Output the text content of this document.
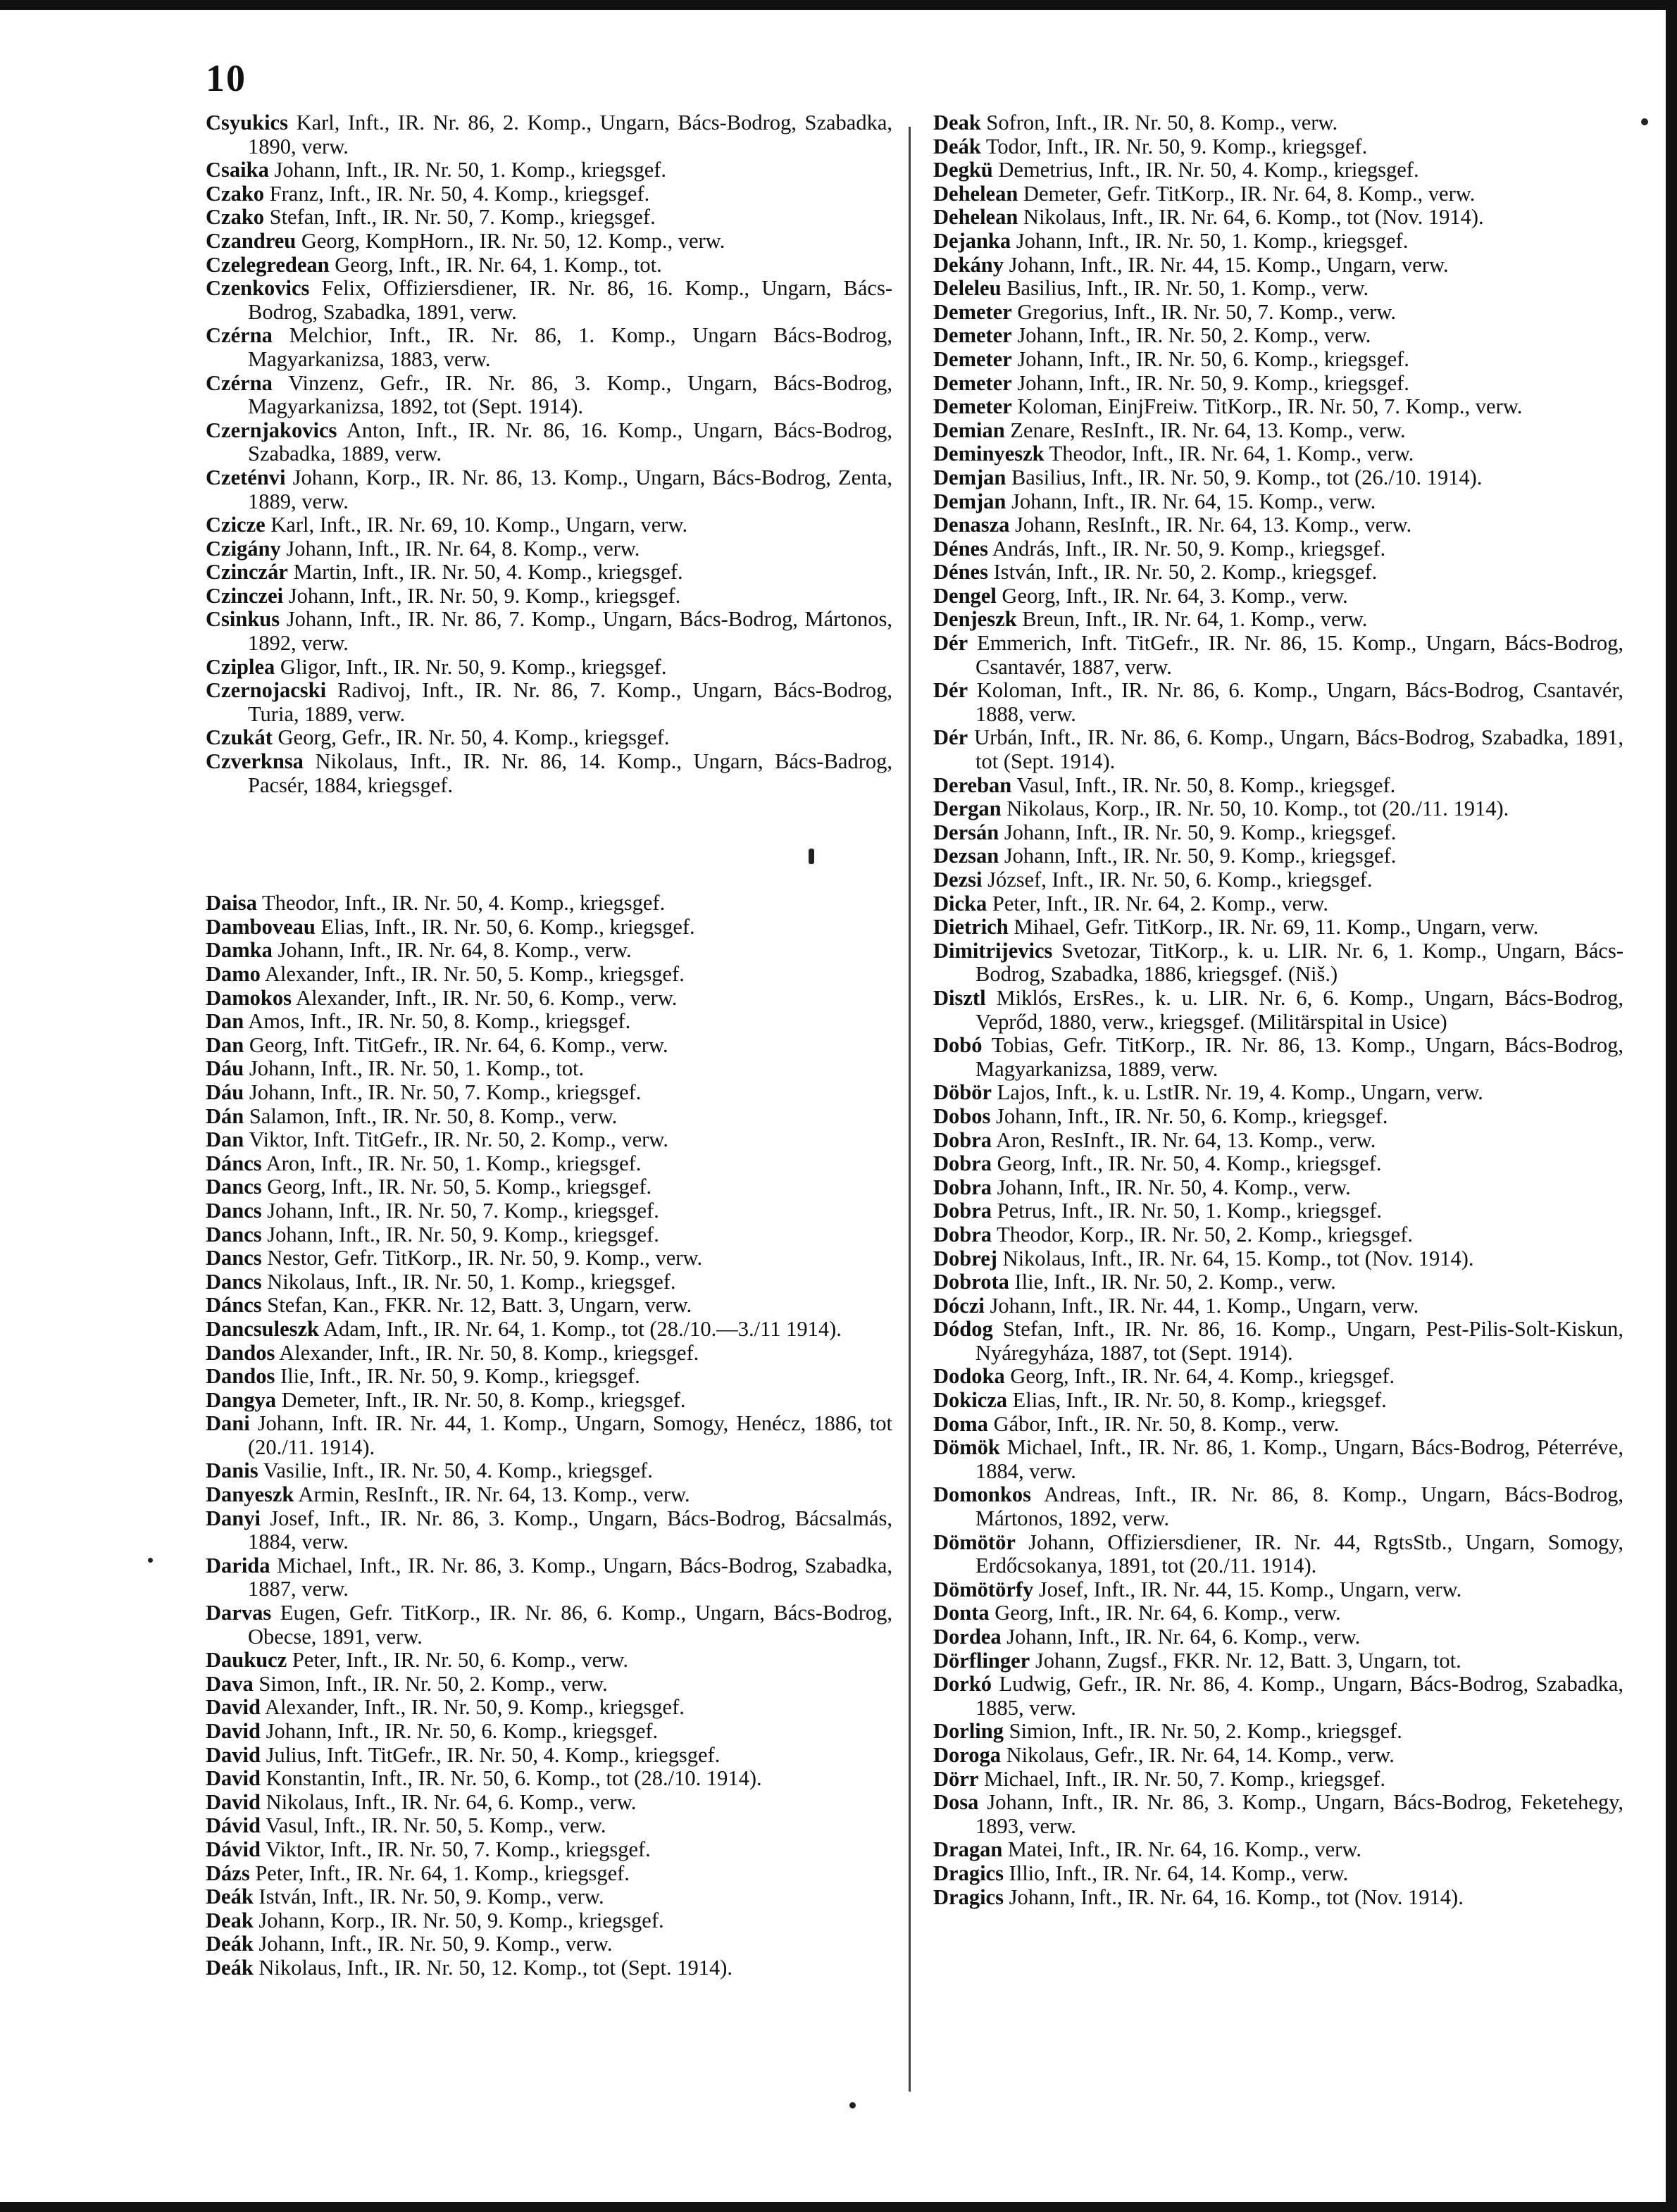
10

Csyukics Karl, Inft., IR. Nr. 86, 2. Komp., Ungarn, Bács-Bodrog, Szabadka, 1890, verw.

Csaika Johann, Inft., IR. Nr. 50, 1. Komp., kriegsgef.

Czako Franz, Inft., IR. Nr. 50, 4. Komp., kriegsgef.

Czako Stefan, Inft., IR. Nr. 50, 7. Komp., kriegsgef.

Czandreu Georg, KompHorn., IR. Nr. 50, 12. Komp., verw.

Czelegredean Georg, Inft., IR. Nr. 64, 1. Komp., tot.

Czenkovics Felix, Offiziersdiener, IR. Nr. 86, 16. Komp., Ungarn, Bács-Bodrog, Szabadka, 1891, verw.

Czérna Melchior, Inft., IR. Nr. 86, 1. Komp., Ungarn Bács-Bodrog, Magyarkanizsa, 1883, verw.

Czérna Vinzenz, Gefr., IR. Nr. 86, 3. Komp., Ungarn, Bács-Bodrog, Magyarkanizsa, 1892, tot (Sept. 1914).

Czernjakovics Anton, Inft., IR. Nr. 86, 16. Komp., Ungarn, Bács-Bodrog, Szabadka, 1889, verw.

Czeténvi Johann, Korp., IR. Nr. 86, 13. Komp., Ungarn, Bács-Bodrog, Zenta, 1889, verw.

Czicze Karl, Inft., IR. Nr. 69, 10. Komp., Ungarn, verw.

Czigány Johann, Inft., IR. Nr. 64, 8. Komp., verw.

Czinczár Martin, Inft., IR. Nr. 50, 4. Komp., kriegsgef.

Czinczei Johann, Inft., IR. Nr. 50, 9. Komp., kriegsgef.

Csinkus Johann, Inft., IR. Nr. 86, 7. Komp., Ungarn, Bács-Bodrog, Mártonos, 1892, verw.

Cziplea Gligor, Inft., IR. Nr. 50, 9. Komp., kriegsgef.

Czernojacski Radivoj, Inft., IR. Nr. 86, 7. Komp., Ungarn, Bács-Bodrog, Turia, 1889, verw.

Czukát Georg, Gefr., IR. Nr. 50, 4. Komp., kriegsgef.

Czverknsa Nikolaus, Inft., IR. Nr. 86, 14. Komp., Ungarn, Bács-Badrog, Pacsér, 1884, kriegsgef.

Daisa Theodor, Inft., IR. Nr. 50, 4. Komp., kriegsgef.

Damboveau Elias, Inft., IR. Nr. 50, 6. Komp., kriegsgef.

Damka Johann, Inft., IR. Nr. 64, 8. Komp., verw.

Damo Alexander, Inft., IR. Nr. 50, 5. Komp., kriegsgef.

Damokos Alexander, Inft., IR. Nr. 50, 6. Komp., verw.

Dan Amos, Inft., IR. Nr. 50, 8. Komp., kriegsgef.

Dan Georg, Inft. TitGefr., IR. Nr. 64, 6. Komp., verw.

Dáu Johann, Inft., IR. Nr. 50, 1. Komp., tot.

Dáu Johann, Inft., IR. Nr. 50, 7. Komp., kriegsgef.

Dán Salamon, Inft., IR. Nr. 50, 8. Komp., verw.

Dan Viktor, Inft. TitGefr., IR. Nr. 50, 2. Komp., verw.

Dáncs Aron, Inft., IR. Nr. 50, 1. Komp., kriegsgef.

Dancs Georg, Inft., IR. Nr. 50, 5. Komp., kriegsgef.

Dancs Johann, Inft., IR. Nr. 50, 7. Komp., kriegsgef.

Dancs Johann, Inft., IR. Nr. 50, 9. Komp., kriegsgef.

Dancs Nestor, Gefr. TitKorp., IR. Nr. 50, 9. Komp., verw.

Dancs Nikolaus, Inft., IR. Nr. 50, 1. Komp., kriegsgef.

Dáncs Stefan, Kan., FKR. Nr. 12, Batt. 3, Ungarn, verw.

Dancsuleszk Adam, Inft., IR. Nr. 64, 1. Komp., tot (28./10.—3./11 1914).

Dandos Alexander, Inft., IR. Nr. 50, 8. Komp., kriegsgef.

Dandos Ilie, Inft., IR. Nr. 50, 9. Komp., kriegsgef.

Dangya Demeter, Inft., IR. Nr. 50, 8. Komp., kriegsgef.

Dani Johann, Inft. IR. Nr. 44, 1. Komp., Ungarn, Somogy, Henécz, 1886, tot (20./11. 1914).

Danis Vasilie, Inft., IR. Nr. 50, 4. Komp., kriegsgef.

Danyeszk Armin, ResInft., IR. Nr. 64, 13. Komp., verw.

Danyi Josef, Inft., IR. Nr. 86, 3. Komp., Ungarn, Bács-Bodrog, Bácsalmás, 1884, verw.

Darida Michael, Inft., IR. Nr. 86, 3. Komp., Ungarn, Bács-Bodrog, Szabadka, 1887, verw.

Darvas Eugen, Gefr. TitKorp., IR. Nr. 86, 6. Komp., Ungarn, Bács-Bodrog, Obecse, 1891, verw.

Daukucz Peter, Inft., IR. Nr. 50, 6. Komp., verw.

Dava Simon, Inft., IR. Nr. 50, 2. Komp., verw.

David Alexander, Inft., IR. Nr. 50, 9. Komp., kriegsgef.

David Johann, Inft., IR. Nr. 50, 6. Komp., kriegsgef.

David Julius, Inft. TitGefr., IR. Nr. 50, 4. Komp., kriegsgef.

David Konstantin, Inft., IR. Nr. 50, 6. Komp., tot (28./10. 1914).

David Nikolaus, Inft., IR. Nr. 64, 6. Komp., verw.

Dávid Vasul, Inft., IR. Nr. 50, 5. Komp., verw.

Dávid Viktor, Inft., IR. Nr. 50, 7. Komp., kriegsgef.

Dázs Peter, Inft., IR. Nr. 64, 1. Komp., kriegsgef.

Deák István, Inft., IR. Nr. 50, 9. Komp., verw.

Deak Johann, Korp., IR. Nr. 50, 9. Komp., kriegsgef.

Deák Johann, Inft., IR. Nr. 50, 9. Komp., verw.

Deák Nikolaus, Inft., IR. Nr. 50, 12. Komp., tot (Sept. 1914).

Deak Sofron, Inft., IR. Nr. 50, 8. Komp., verw.

Deák Todor, Inft., IR. Nr. 50, 9. Komp., kriegsgef.

Degkü Demetrius, Inft., IR. Nr. 50, 4. Komp., kriegsgef.

Dehelean Demeter, Gefr. TitKorp., IR. Nr. 64, 8. Komp., verw.

Dehelean Nikolaus, Inft., IR. Nr. 64, 6. Komp., tot (Nov. 1914).

Dejanka Johann, Inft., IR. Nr. 50, 1. Komp., kriegsgef.

Dekány Johann, Inft., IR. Nr. 44, 15. Komp., Ungarn, verw.

Deleleu Basilius, Inft., IR. Nr. 50, 1. Komp., verw.

Demeter Gregorius, Inft., IR. Nr. 50, 7. Komp., verw.

Demeter Johann, Inft., IR. Nr. 50, 2. Komp., verw.

Demeter Johann, Inft., IR. Nr. 50, 6. Komp., kriegsgef.

Demeter Johann, Inft., IR. Nr. 50, 9. Komp., kriegsgef.

Demeter Koloman, EinjFreiw. TitKorp., IR. Nr. 50, 7. Komp., verw.

Demian Zenare, ResInft., IR. Nr. 64, 13. Komp., verw.

Deminyeszk Theodor, Inft., IR. Nr. 64, 1. Komp., verw.

Demjan Basilius, Inft., IR. Nr. 50, 9. Komp., tot (26./10. 1914).

Demjan Johann, Inft., IR. Nr. 64, 15. Komp., verw.

Denasza Johann, ResInft., IR. Nr. 64, 13. Komp., verw.

Dénes András, Inft., IR. Nr. 50, 9. Komp., kriegsgef.

Dénes István, Inft., IR. Nr. 50, 2. Komp., kriegsgef.

Dengel Georg, Inft., IR. Nr. 64, 3. Komp., verw.

Denjeszk Breun, Inft., IR. Nr. 64, 1. Komp., verw.

Dér Emmerich, Inft. TitGefr., IR. Nr. 86, 15. Komp., Ungarn, Bács-Bodrog, Csantavér, 1887, verw.

Dér Koloman, Inft., IR. Nr. 86, 6. Komp., Ungarn, Bács-Bodrog, Csantavér, 1888, verw.

Dér Urbán, Inft., IR. Nr. 86, 6. Komp., Ungarn, Bács-Bodrog, Szabadka, 1891, tot (Sept. 1914).

Dereban Vasul, Inft., IR. Nr. 50, 8. Komp., kriegsgef.

Dergan Nikolaus, Korp., IR. Nr. 50, 10. Komp., tot (20./11. 1914).

Dersán Johann, Inft., IR. Nr. 50, 9. Komp., kriegsgef.

Dezsan Johann, Inft., IR. Nr. 50, 9. Komp., kriegsgef.

Dezsi József, Inft., IR. Nr. 50, 6. Komp., kriegsgef.

Dicka Peter, Inft., IR. Nr. 64, 2. Komp., verw.

Dietrich Mihael, Gefr. TitKorp., IR. Nr. 69, 11. Komp., Ungarn, verw.

Dimitrijevics Svetozar, TitKorp., k. u. LIR. Nr. 6, 1. Komp., Ungarn, Bács-Bodrog, Szabadka, 1886, kriegsgef. (Niš.)

Disztl Miklós, ErsRes., k. u. LIR. Nr. 6, 6. Komp., Ungarn, Bács-Bodrog, Veprőd, 1880, verw., kriegsgef. (Militärspital in Usice)

Dobó Tobias, Gefr. TitKorp., IR. Nr. 86, 13. Komp., Ungarn, Bács-Bodrog, Magyarkanizsa, 1889, verw.

Döbör Lajos, Inft., k. u. LstIR. Nr. 19, 4. Komp., Ungarn, verw.

Dobos Johann, Inft., IR. Nr. 50, 6. Komp., kriegsgef.

Dobra Aron, ResInft., IR. Nr. 64, 13. Komp., verw.

Dobra Georg, Inft., IR. Nr. 50, 4. Komp., kriegsgef.

Dobra Johann, Inft., IR. Nr. 50, 4. Komp., verw.

Dobra Petrus, Inft., IR. Nr. 50, 1. Komp., kriegsgef.

Dobra Theodor, Korp., IR. Nr. 50, 2. Komp., kriegsgef.

Dobrej Nikolaus, Inft., IR. Nr. 64, 15. Komp., tot (Nov. 1914).

Dobrota Ilie, Inft., IR. Nr. 50, 2. Komp., verw.

Dóczi Johann, Inft., IR. Nr. 44, 1. Komp., Ungarn, verw.

Dódog Stefan, Inft., IR. Nr. 86, 16. Komp., Ungarn, Pest-Pilis-Solt-Kiskun, Nyáregyháza, 1887, tot (Sept. 1914).

Dodoka Georg, Inft., IR. Nr. 64, 4. Komp., kriegsgef.

Dokicza Elias, Inft., IR. Nr. 50, 8. Komp., kriegsgef.

Doma Gábor, Inft., IR. Nr. 50, 8. Komp., verw.

Dömök Michael, Inft., IR. Nr. 86, 1. Komp., Ungarn, Bács-Bodrog, Péterréve, 1884, verw.

Domonkos Andreas, Inft., IR. Nr. 86, 8. Komp., Ungarn, Bács-Bodrog, Mártonos, 1892, verw.

Dömötör Johann, Offiziersdiener, IR. Nr. 44, RgtsStb., Ungarn, Somogy, Erdőcsokanya, 1891, tot (20./11. 1914).

Dömötörfy Josef, Inft., IR. Nr. 44, 15. Komp., Ungarn, verw.

Donta Georg, Inft., IR. Nr. 64, 6. Komp., verw.

Dordea Johann, Inft., IR. Nr. 64, 6. Komp., verw.

Dörflinger Johann, Zugsf., FKR. Nr. 12, Batt. 3, Ungarn, tot.

Dorkó Ludwig, Gefr., IR. Nr. 86, 4. Komp., Ungarn, Bács-Bodrog, Szabadka, 1885, verw.

Dorling Simion, Inft., IR. Nr. 50, 2. Komp., kriegsgef.

Doroga Nikolaus, Gefr., IR. Nr. 64, 14. Komp., verw.

Dörr Michael, Inft., IR. Nr. 50, 7. Komp., kriegsgef.

Dosa Johann, Inft., IR. Nr. 86, 3. Komp., Ungarn, Bács-Bodrog, Feketehegy, 1893, verw.

Dragan Matei, Inft., IR. Nr. 64, 16. Komp., verw.

Dragics Illio, Inft., IR. Nr. 64, 14. Komp., verw.

Dragics Johann, Inft., IR. Nr. 64, 16. Komp., tot (Nov. 1914).
